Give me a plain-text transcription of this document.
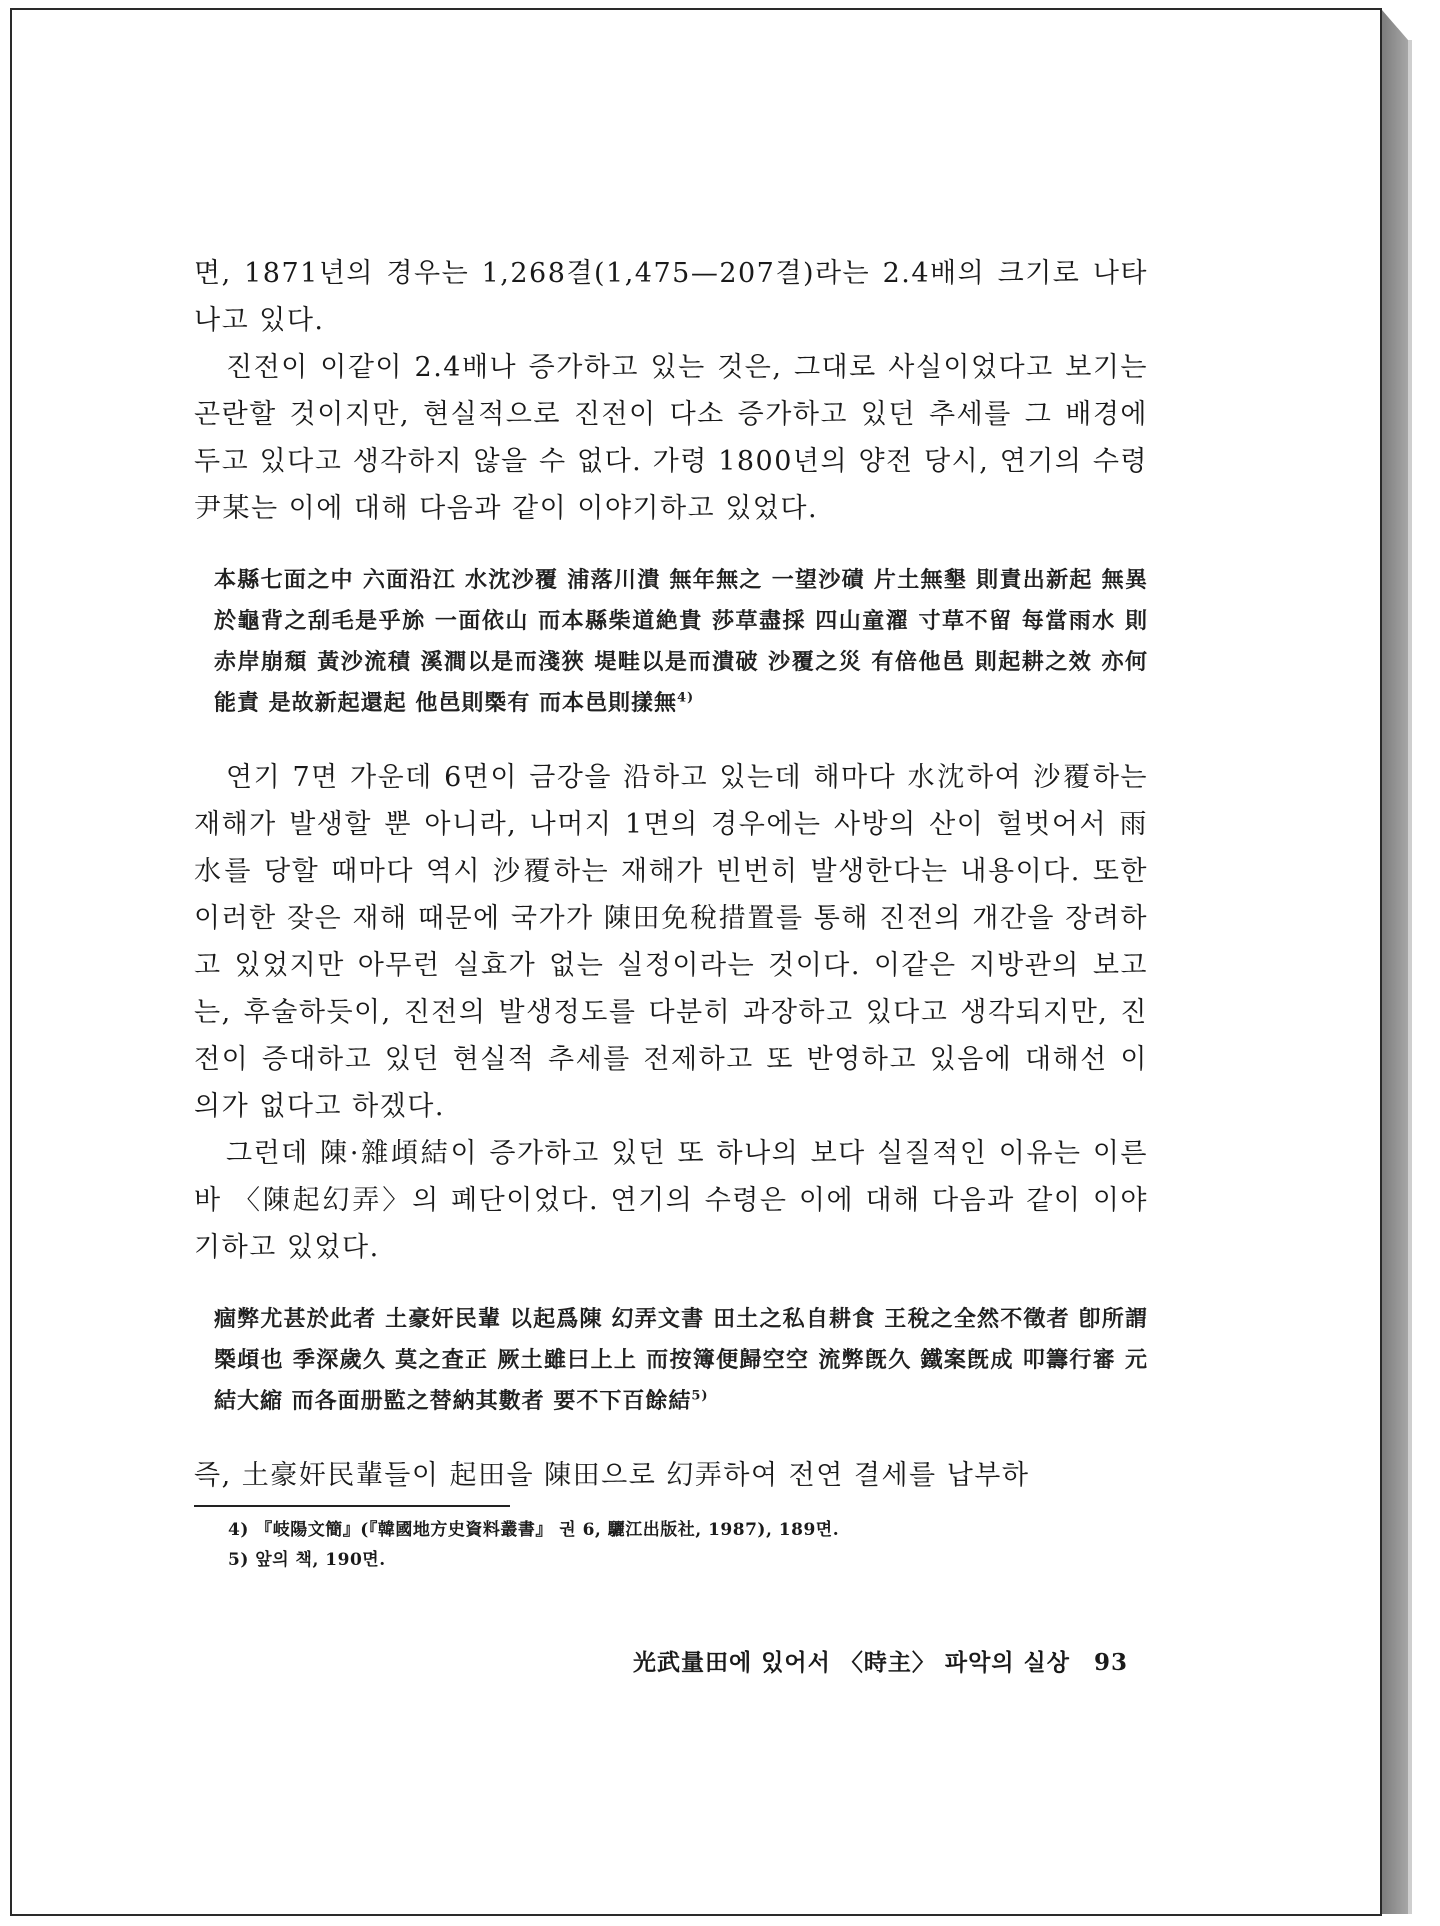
면, 1871년의 경우는 1,268결(1,475—207결)라는 2.4배의 크기로 나타나고 있다.

진전이 이같이 2.4배나 증가하고 있는 것은, 그대로 사실이었다고 보기는 곤란할 것이지만, 현실적으로 진전이 다소 증가하고 있던 추세를 그 배경에 두고 있다고 생각하지 않을 수 없다. 가령 1800년의 양전 당시, 연기의 수령 尹某는 이에 대해 다음과 같이 이야기하고 있었다.

本縣七面之中 六面沿江 水沈沙覆 浦落川潰 無年無之 一望沙磧 片土無墾 則責出新起 無異於龜背之刮毛是乎旀 一面依山 而本縣柴道絶貴 莎草盡採 四山童濯 寸草不留 每當雨水 則赤岸崩頹 黃沙流積 溪澗以是而淺狹 堤畦以是而潰破 沙覆之災 有倍他邑 則起耕之效 亦何能責 是故新起還起 他邑則㮣有 而本邑則㨾無$^{4)}$

연기 7면 가운데 6면이 금강을 沿하고 있는데 해마다 水沈하여 沙覆하는 재해가 발생할 뿐 아니라, 나머지 1면의 경우에는 사방의 산이 헐벗어서 雨水를 당할 때마다 역시 沙覆하는 재해가 빈번히 발생한다는 내용이다. 또한 이러한 잦은 재해 때문에 국가가 陳田免稅措置를 통해 진전의 개간을 장려하고 있었지만 아무런 실효가 없는 실정이라는 것이다. 이같은 지방관의 보고는, 후술하듯이, 진전의 발생정도를 다분히 과장하고 있다고 생각되지만, 진전이 증대하고 있던 현실적 추세를 전제하고 또 반영하고 있음에 대해선 이의가 없다고 하겠다.

그런데 陳·雜頉結이 증가하고 있던 또 하나의 보다 실질적인 이유는 이른바 〈陳起幻弄〉의 폐단이었다. 연기의 수령은 이에 대해 다음과 같이 이야기하고 있었다.

痼弊尤甚於此者 土豪奸民輩 以起爲陳 幻弄文書 田土之私自耕食 王稅之全然不徵者 卽所謂㮣頉也 季深歲久 莫之査正 厥土雖曰上上 而按簿便歸空空 流弊旣久 鐵案旣成 叩籌行審 元結大縮 而各面册監之替納其數者 要不下百餘結$^{5)}$

즉, 土豪奸民輩들이 起田을 陳田으로 幻弄하여 전연 결세를 납부하

4) 『岐陽文簡』(『韓國地方史資料叢書』 권 6, 驪江出版社, 1987), 189면.

5) 앞의 책, 190면.

光武量田에 있어서 〈時主〉 파악의 실상 93
